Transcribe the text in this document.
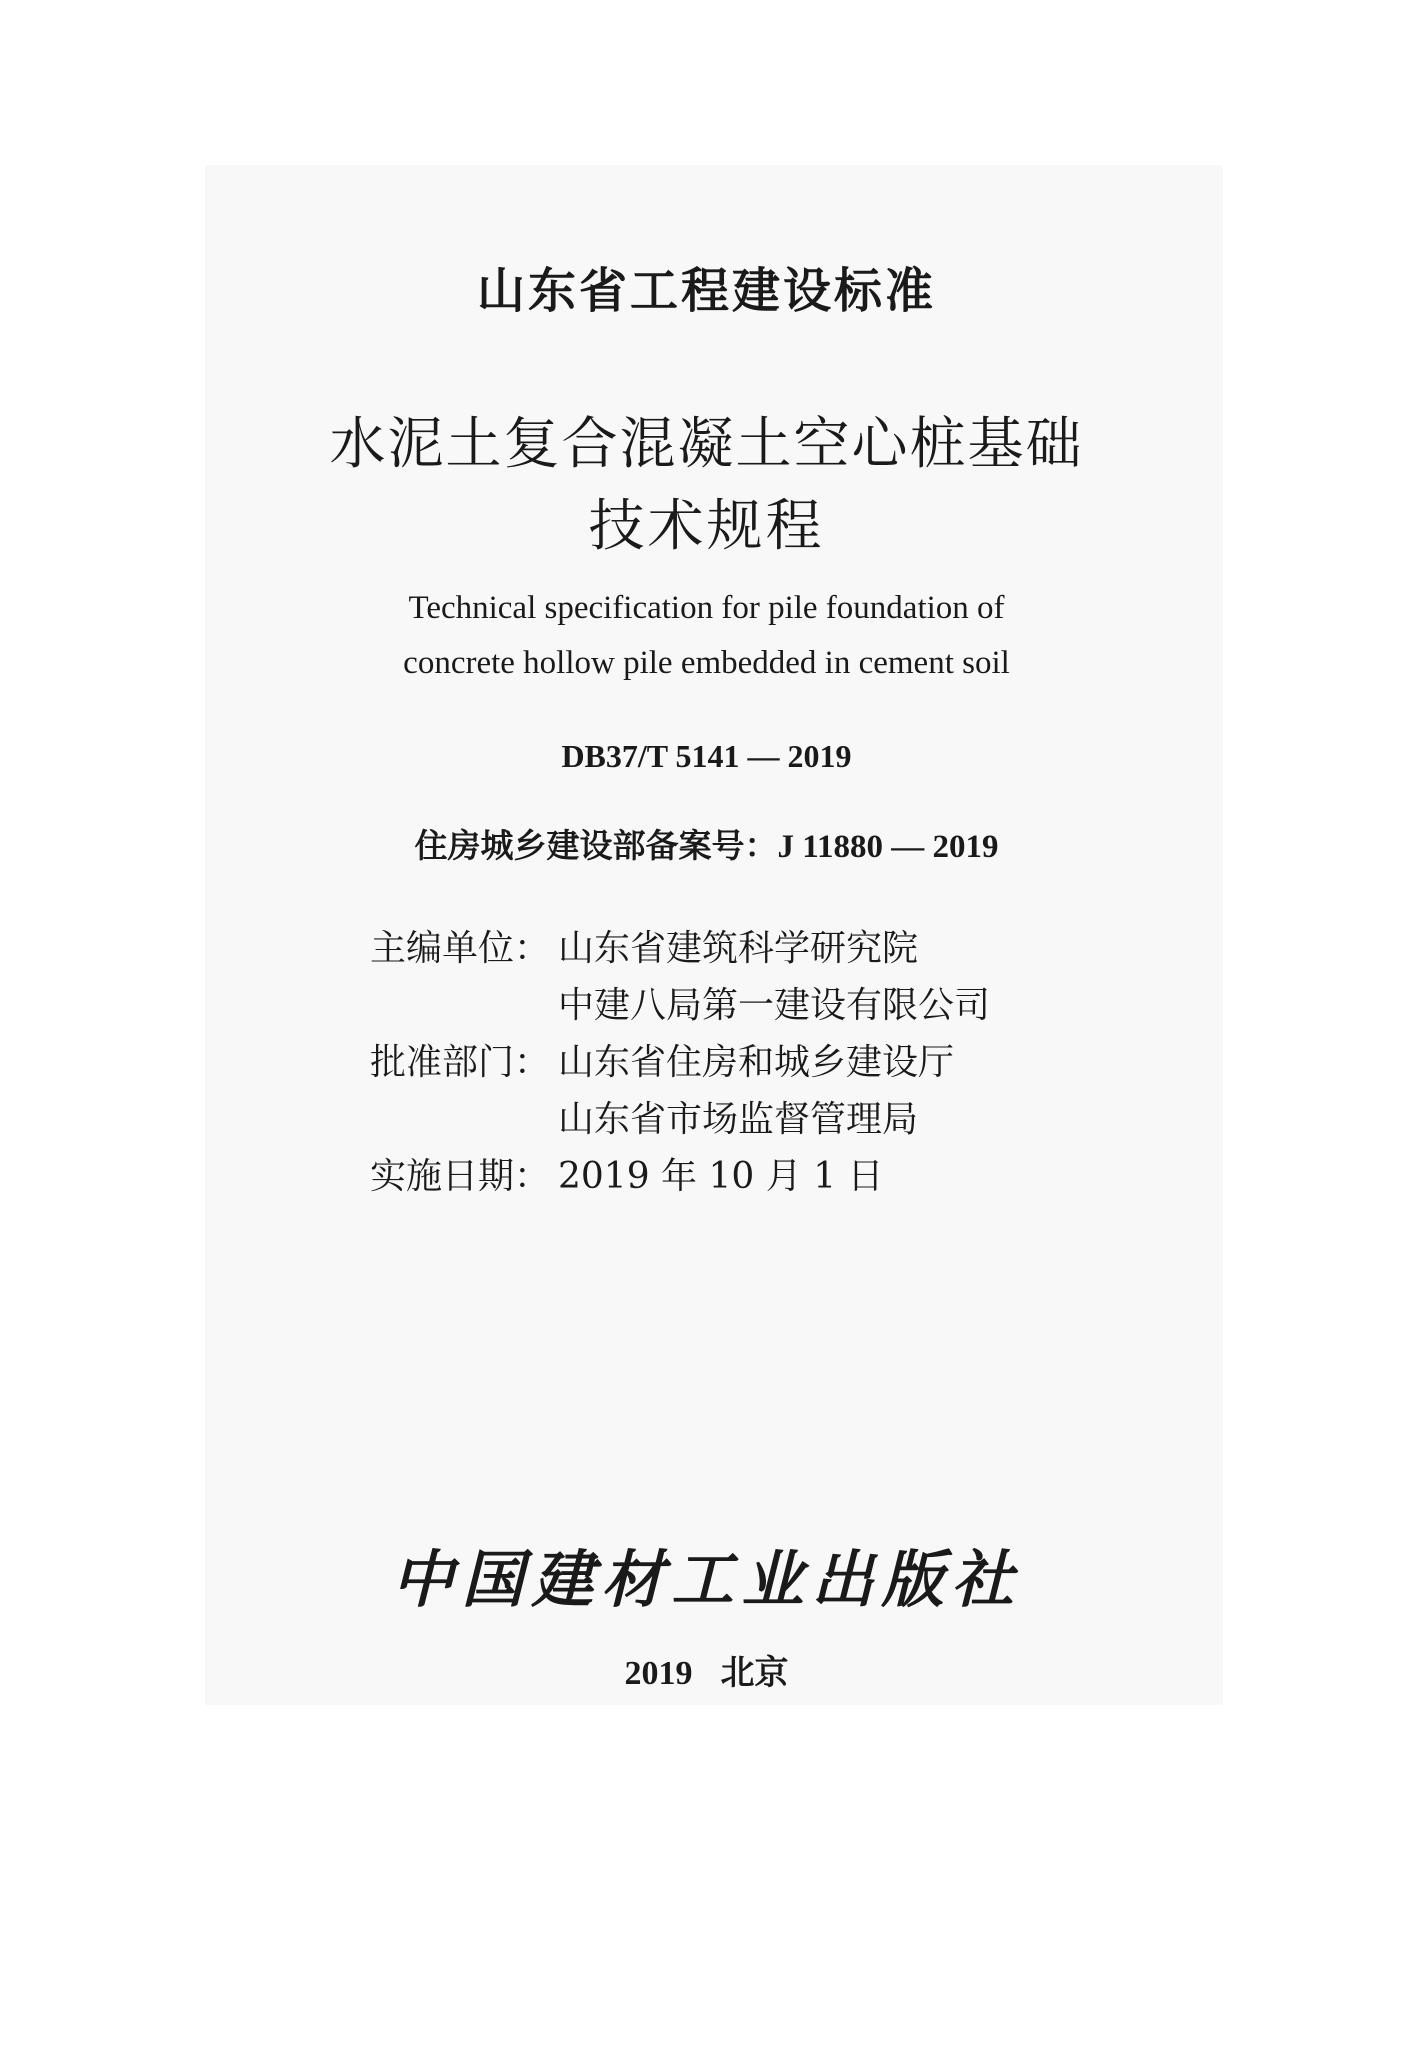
山东省工程建设标准
水泥土复合混凝土空心桩基础
技术规程
Technical specification for pile foundation of
concrete hollow pile embedded in cement soil
DB37/T 5141 — 2019
住房城乡建设部备案号：J 11880 — 2019
主编单位： 山东省建筑科学研究院
中建八局第一建设有限公司
批准部门： 山东省住房和城乡建设厅
山东省市场监督管理局
实施日期： 2019 年 10 月 1 日
中国建材工业出版社
2019 北京
